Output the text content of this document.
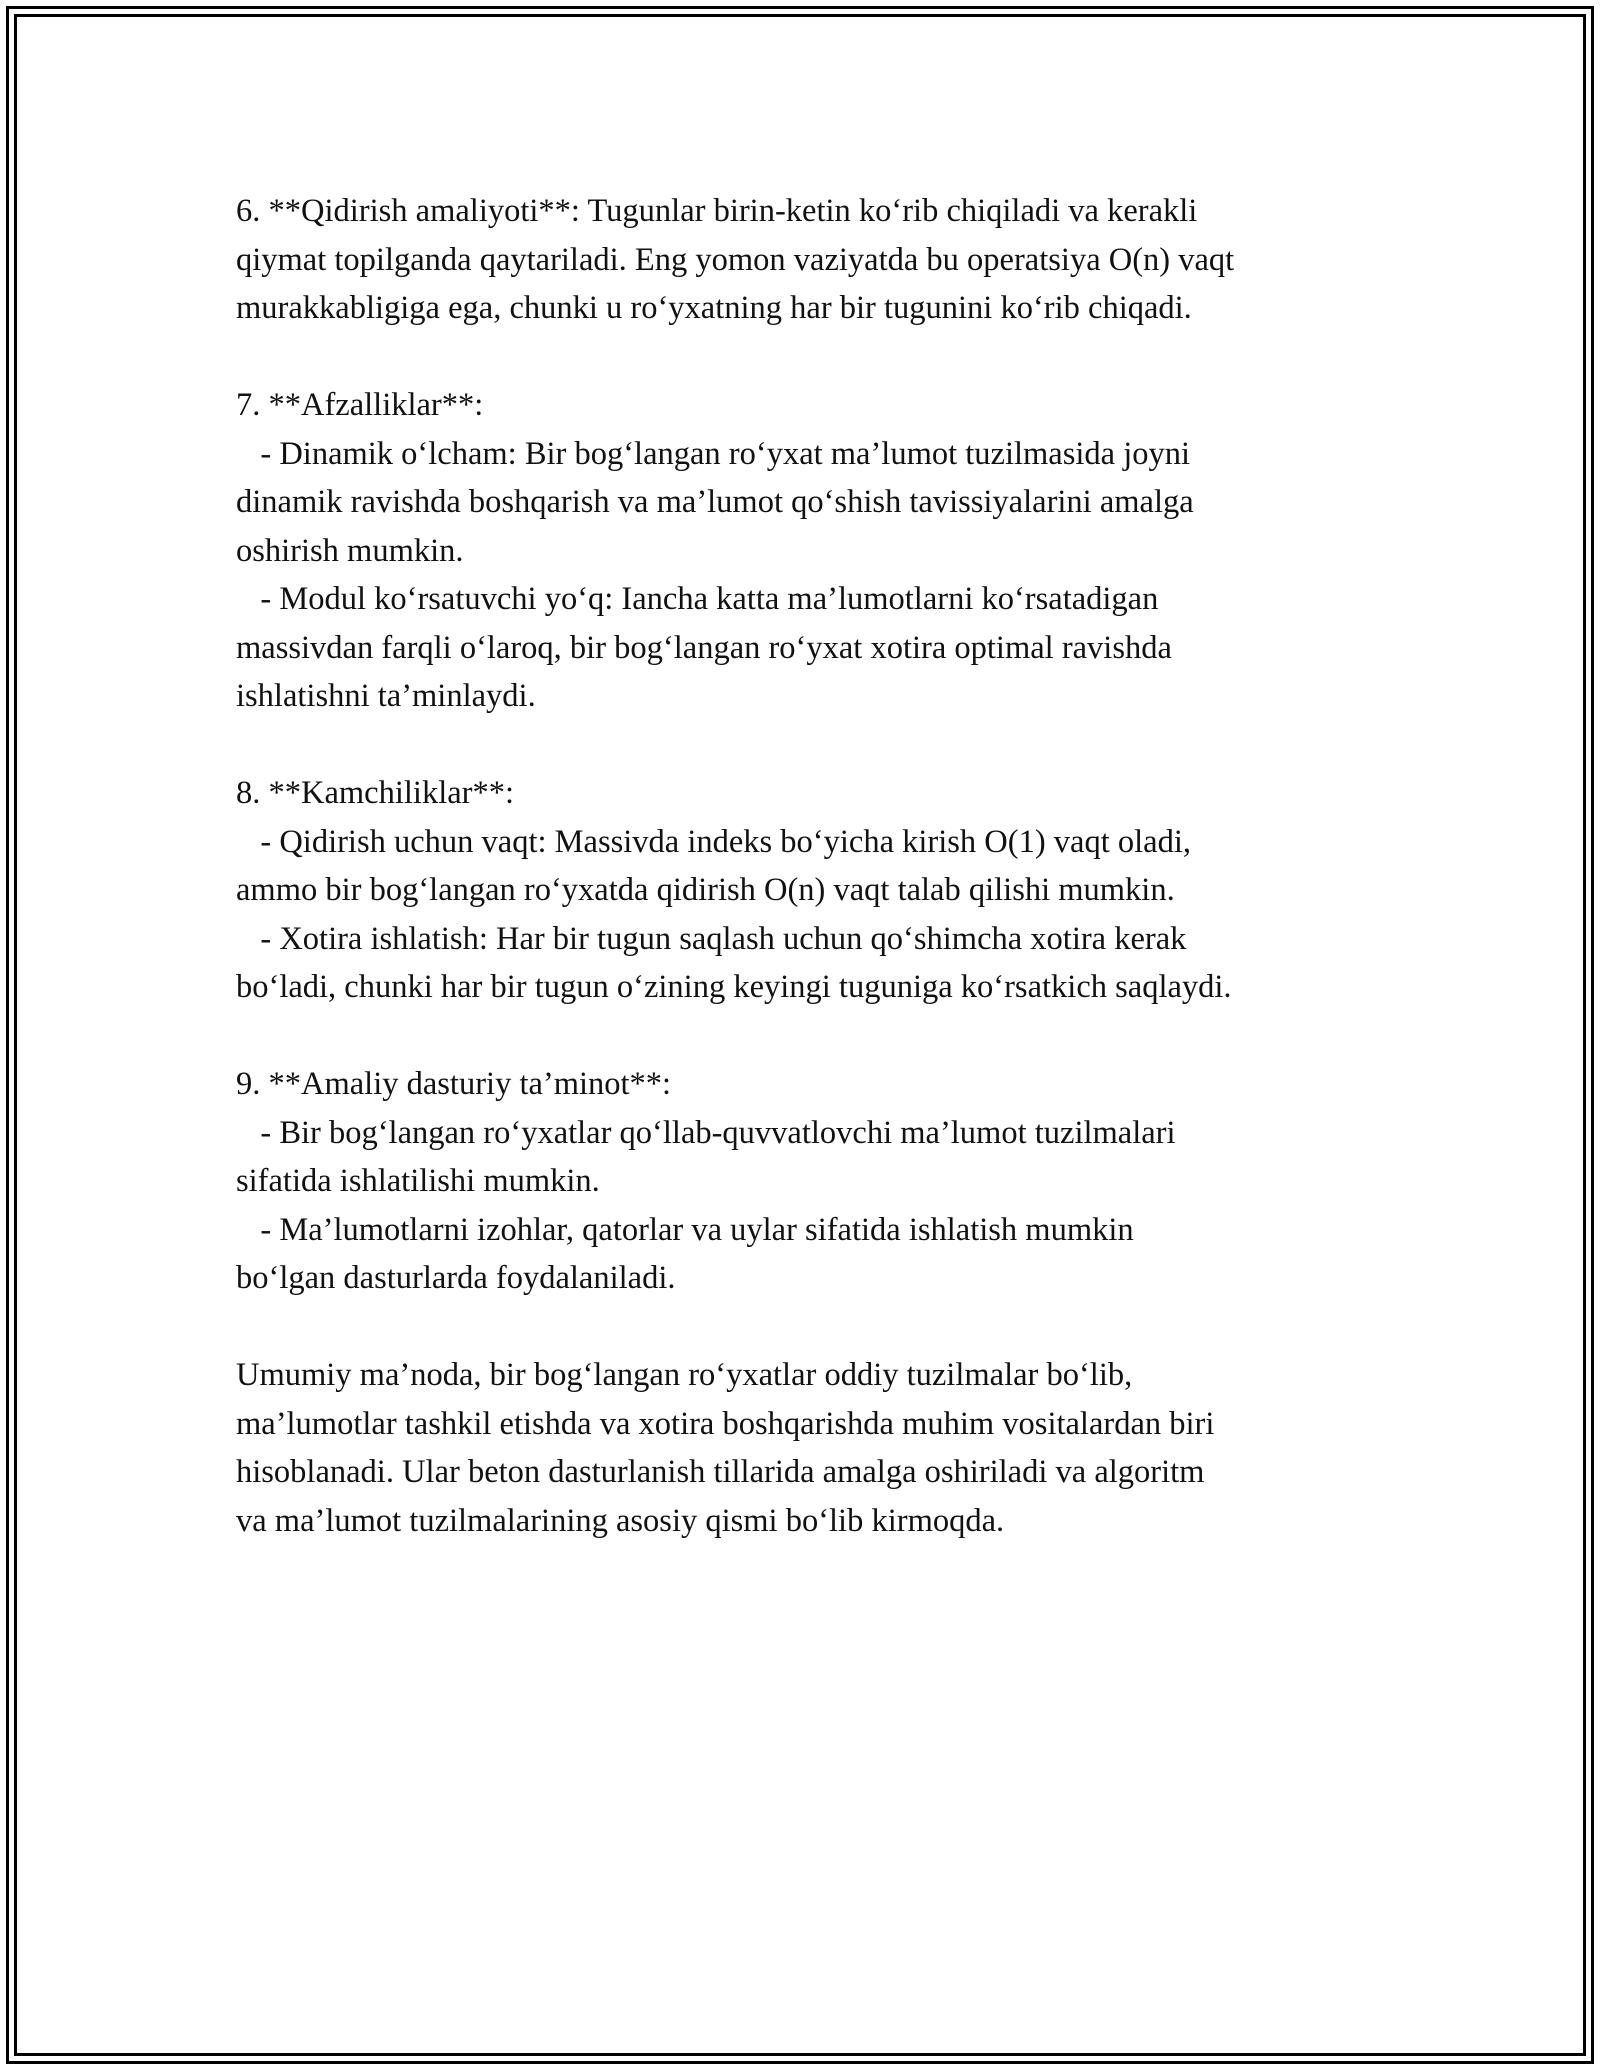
6. **Qidirish amaliyoti**: Tugunlar birin-ketin ko‘rib chiqiladi va kerakli
qiymat topilganda qaytariladi. Eng yomon vaziyatda bu operatsiya O(n) vaqt
murakkabligiga ega, chunki u ro‘yxatning har bir tugunini ko‘rib chiqadi.
7. **Afzalliklar**:
- Dinamik o‘lcham: Bir bog‘langan ro‘yxat ma’lumot tuzilmasida joyni
dinamik ravishda boshqarish va ma’lumot qo‘shish tavissiyalarini amalga
oshirish mumkin.
- Modul ko‘rsatuvchi yo‘q: Iancha katta ma’lumotlarni ko‘rsatadigan
massivdan farqli o‘laroq, bir bog‘langan ro‘yxat xotira optimal ravishda
ishlatishni ta’minlaydi.
8. **Kamchiliklar**:
- Qidirish uchun vaqt: Massivda indeks bo‘yicha kirish O(1) vaqt oladi,
ammo bir bog‘langan ro‘yxatda qidirish O(n) vaqt talab qilishi mumkin.
- Xotira ishlatish: Har bir tugun saqlash uchun qo‘shimcha xotira kerak
bo‘ladi, chunki har bir tugun o‘zining keyingi tuguniga ko‘rsatkich saqlaydi.
9. **Amaliy dasturiy ta’minot**:
- Bir bog‘langan ro‘yxatlar qo‘llab-quvvatlovchi ma’lumot tuzilmalari
sifatida ishlatilishi mumkin.
- Ma’lumotlarni izohlar, qatorlar va uylar sifatida ishlatish mumkin
bo‘lgan dasturlarda foydalaniladi.
Umumiy ma’noda, bir bog‘langan ro‘yxatlar oddiy tuzilmalar bo‘lib,
ma’lumotlar tashkil etishda va xotira boshqarishda muhim vositalardan biri
hisoblanadi. Ular beton dasturlanish tillarida amalga oshiriladi va algoritm
va ma’lumot tuzilmalarining asosiy qismi bo‘lib kirmoqda.
